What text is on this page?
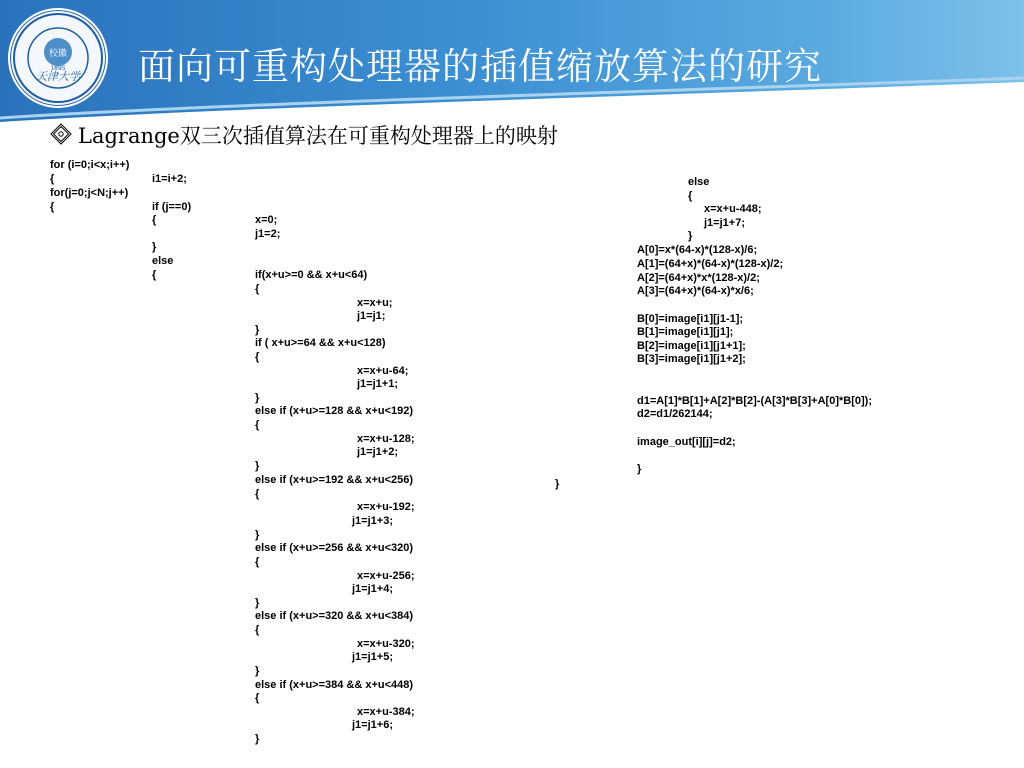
校徽
天津大学
1895 面向可重构处理器的插值缩放算法的研究
Lagrange双三次插值算法在可重构处理器上的映射
for (i=0;i<x;i++)
{	i1=i+2;
for(j=0;j<N;j++)
{	if (j==0)
{	x=0;
j1=2;
}
else
{	if(x+u>=0 && x+u<64)
{
x=x+u;
j1=j1;
}
if ( x+u>=64 && x+u<128)
{
x=x+u-64;
j1=j1+1;
}
else if (x+u>=128 && x+u<192)
{
x=x+u-128;
j1=j1+2;
}
else if (x+u>=192 && x+u<256)
{
x=x+u-192;
j1=j1+3;
}
else if (x+u>=256 && x+u<320)
{
x=x+u-256;
j1=j1+4;
}
else if (x+u>=320 && x+u<384)
{
x=x+u-320;
j1=j1+5;
}
else if (x+u>=384 && x+u<448)
{
x=x+u-384;
j1=j1+6;
}
}
else
{
x=x+u-448;
j1=j1+7;
}
A[0]=x*(64-x)*(128-x)/6;
A[1]=(64+x)*(64-x)*(128-x)/2;
A[2]=(64+x)*x*(128-x)/2;
A[3]=(64+x)*(64-x)*x/6;
B[0]=image[i1][j1-1];
B[1]=image[i1][j1];
B[2]=image[i1][j1+1];
B[3]=image[i1][j1+2];
d1=A[1]*B[1]+A[2]*B[2]-(A[3]*B[3]+A[0]*B[0]);
d2=d1/262144;
image_out[i][j]=d2;
}
